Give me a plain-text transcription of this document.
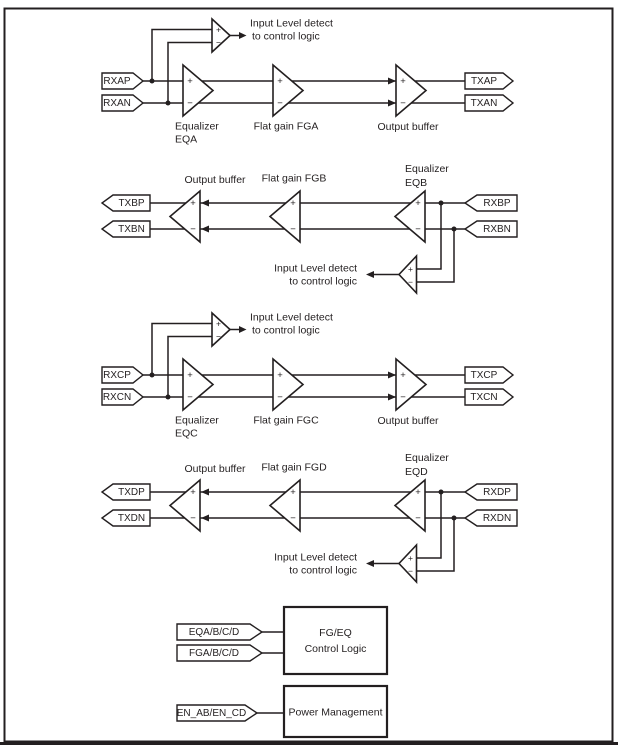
+
−
Input Level detect
to control logic
+
−
+
−
+
−
RXAP
RXAN
TXAP
TXAN
Equalizer
EQA
Flat gain FGA	Output buffer
+
−
Input Level detect
to control logic
+
−
+
−
+
−
TXBP
TXBN
RXBP
RXBN
Output buffer Flat gain FGB
Equalizer
EQB
+
−
Input Level detect
to control logic
+
−
+
−
+
−
RXCP
RXCN
TXCP
TXCN
Equalizer
EQC
Flat gain FGC	Output buffer
+
−
Input Level detect
to control logic
+
−
+
−
+
−
TXDP
TXDN
RXDP
RXDN
Output buffer Flat gain FGD
Equalizer
EQD
FG/EQ
Control Logic
Power Management
EQA/B/C/D
FGA/B/C/D
EN_AB/EN_CD
